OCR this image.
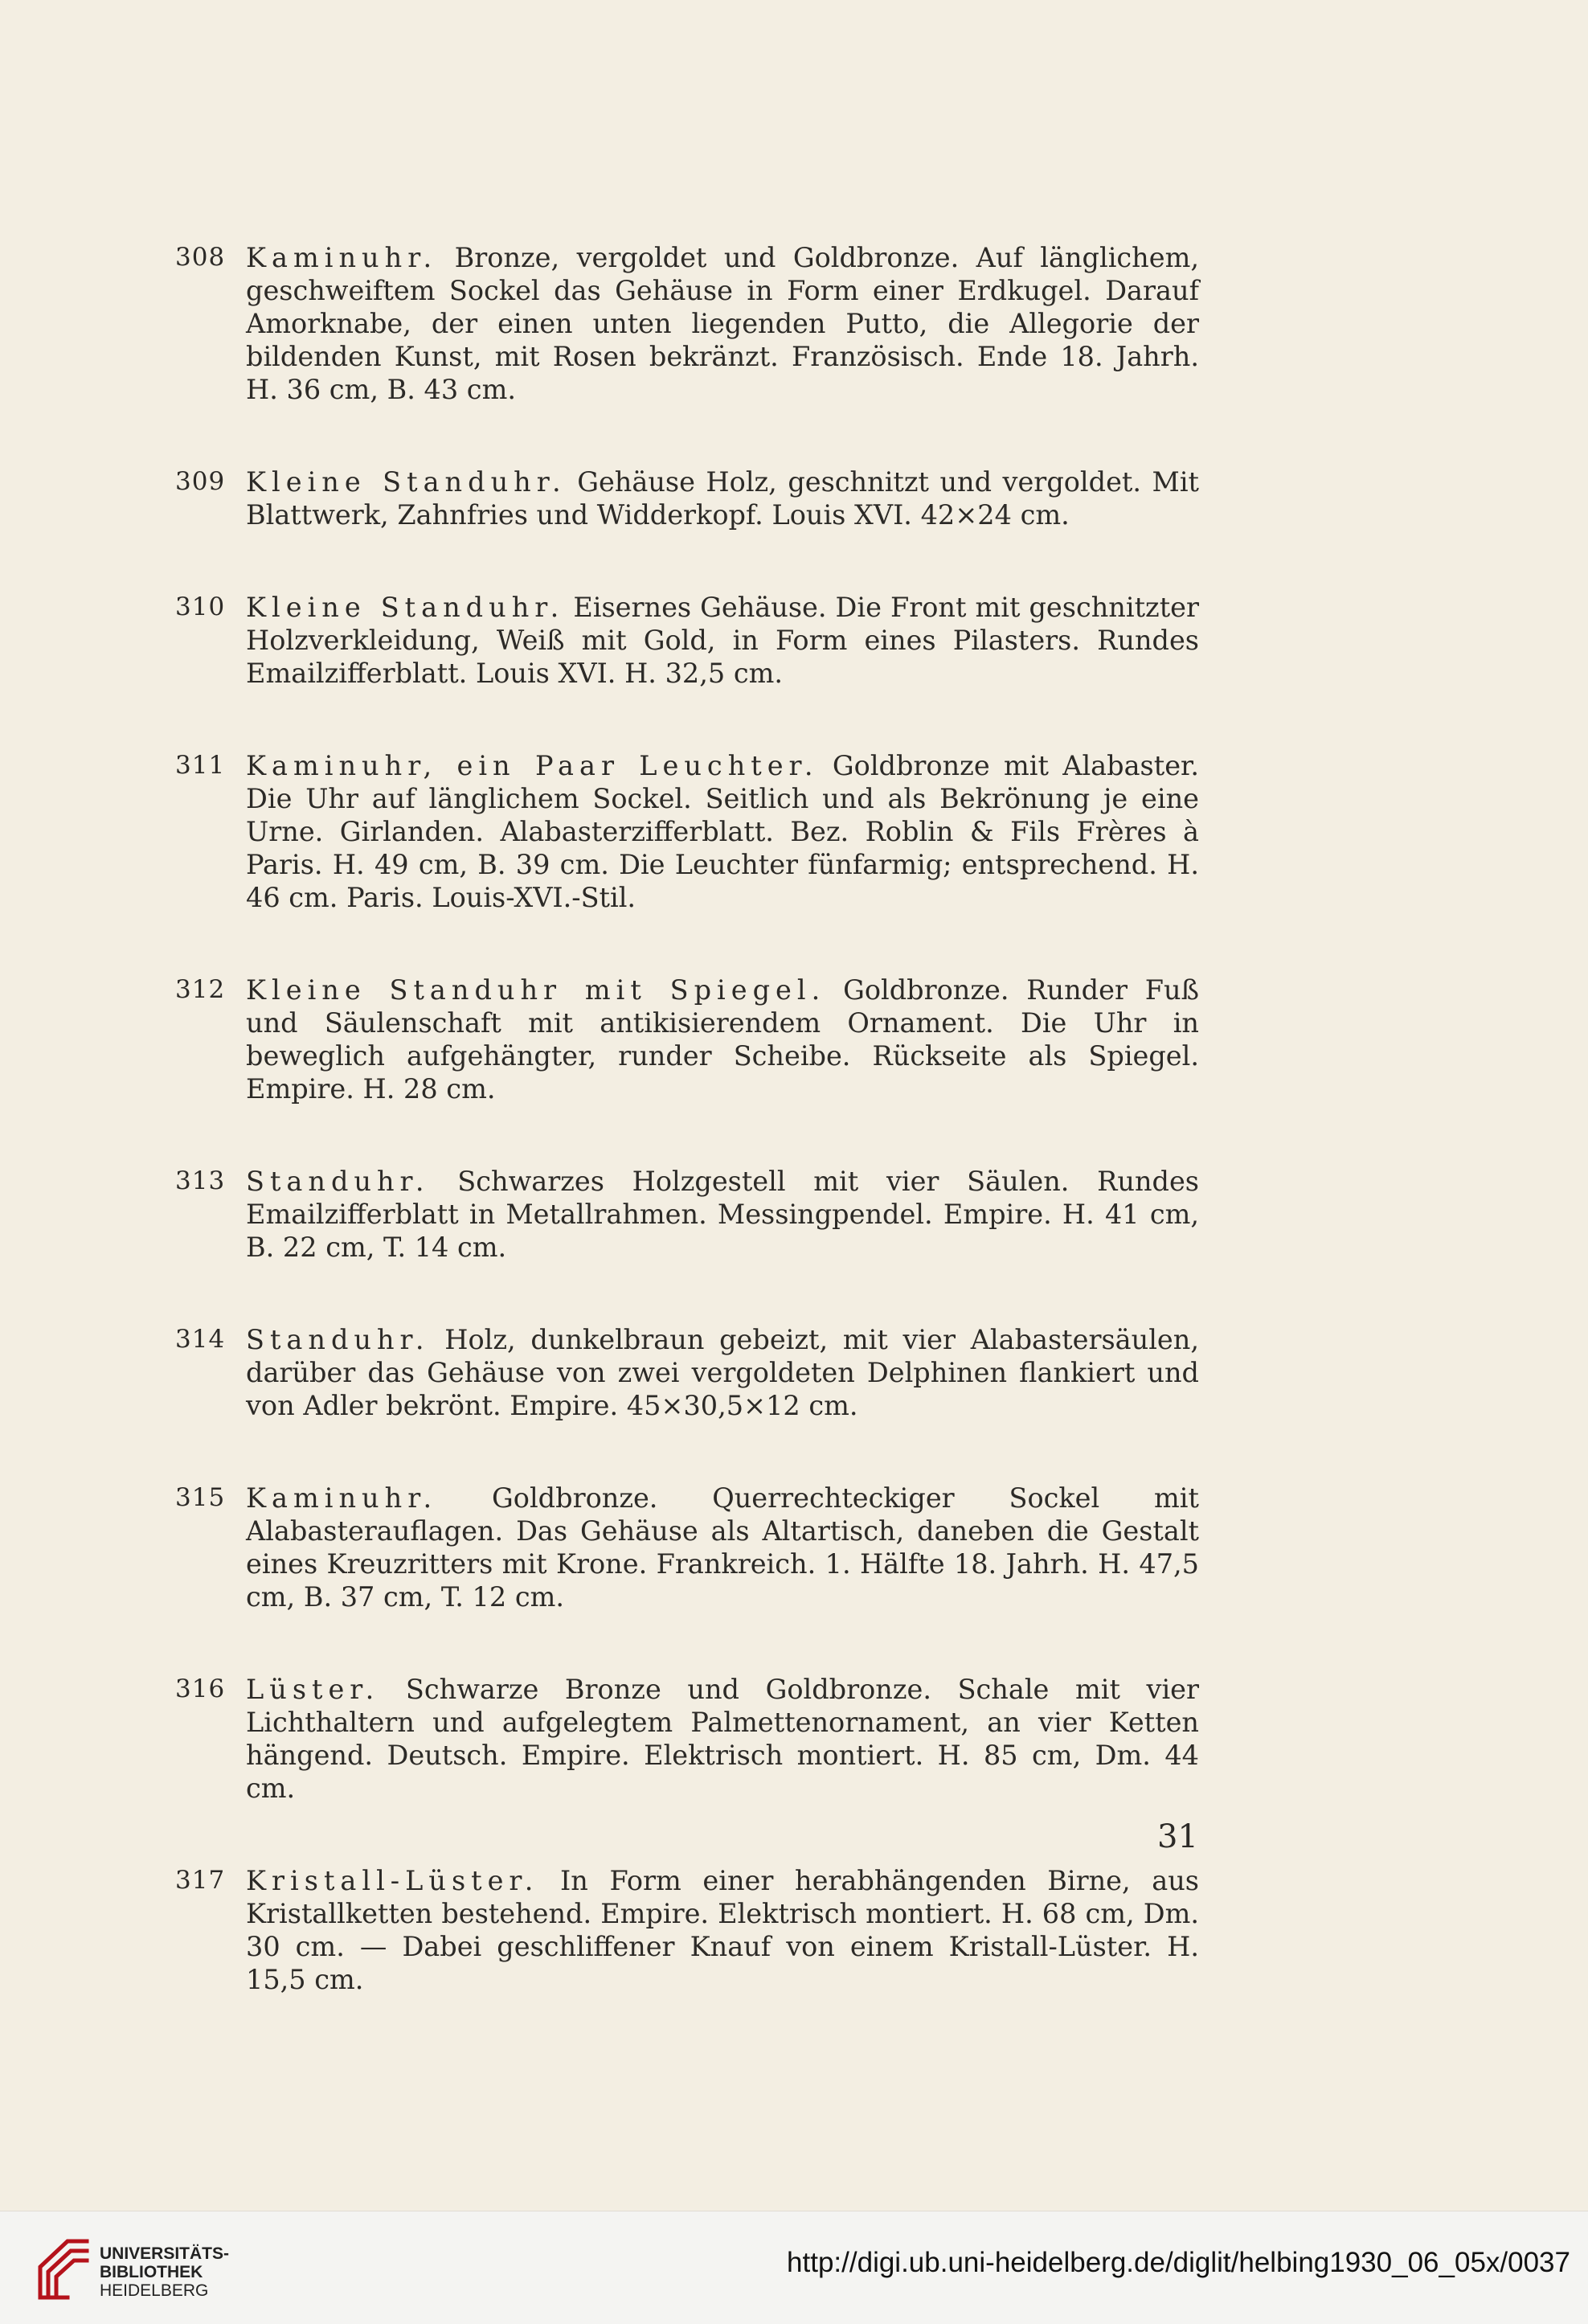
308 Kaminuhr. Bronze, vergoldet und Goldbronze. Auf länglichem, geschweiftem Sockel das Gehäuse in Form einer Erdkugel. Darauf Amorknabe, der einen unten liegenden Putto, die Allegorie der bildenden Kunst, mit Rosen bekränzt. Französisch. Ende 18. Jahrh. H. 36 cm, B. 43 cm.
309 Kleine Standuhr. Gehäuse Holz, geschnitzt und vergoldet. Mit Blattwerk, Zahnfries und Widderkopf. Louis XVI. 42×24 cm.
310 Kleine Standuhr. Eisernes Gehäuse. Die Front mit geschnitzter Holzverkleidung, Weiß mit Gold, in Form eines Pilasters. Rundes Emailzifferblatt. Louis XVI. H. 32,5 cm.
311 Kaminuhr, ein Paar Leuchter. Goldbronze mit Alabaster. Die Uhr auf länglichem Sockel. Seitlich und als Bekrönung je eine Urne. Girlanden. Alabasterzifferblatt. Bez. Roblin & Fils Frères à Paris. H. 49 cm, B. 39 cm. Die Leuchter fünfarmig; entsprechend. H. 46 cm. Paris. Louis-XVI.-Stil.
312 Kleine Standuhr mit Spiegel. Goldbronze. Runder Fuß und Säulenschaft mit antikisierendem Ornament. Die Uhr in beweglich aufgehängter, runder Scheibe. Rückseite als Spiegel. Empire. H. 28 cm.
313 Standuhr. Schwarzes Holzgestell mit vier Säulen. Rundes Emailzifferblatt in Metallrahmen. Messingpendel. Empire. H. 41 cm, B. 22 cm, T. 14 cm.
314 Standuhr. Holz, dunkelbraun gebeizt, mit vier Alabastersäulen, darüber das Gehäuse von zwei vergoldeten Delphinen flankiert und von Adler bekrönt. Empire. 45×30,5×12 cm.
315 Kaminuhr. Goldbronze. Querrechteckiger Sockel mit Alabasterauflagen. Das Gehäuse als Altartisch, daneben die Gestalt eines Kreuzritters mit Krone. Frankreich. 1. Hälfte 18. Jahrh. H. 47,5 cm, B. 37 cm, T. 12 cm.
316 Lüster. Schwarze Bronze und Goldbronze. Schale mit vier Lichthaltern und aufgelegtem Palmettenornament, an vier Ketten hängend. Deutsch. Empire. Elektrisch montiert. H. 85 cm, Dm. 44 cm.
317 Kristall-Lüster. In Form einer herabhängenden Birne, aus Kristallketten bestehend. Empire. Elektrisch montiert. H. 68 cm, Dm. 30 cm. — Dabei geschliffener Knauf von einem Kristall-Lüster. H. 15,5 cm.
31
UNIVERSITÄTS-
BIBLIOTHEK
HEIDELBERG
http://digi.ub.uni-heidelberg.de/diglit/helbing1930_06_05x/0037
